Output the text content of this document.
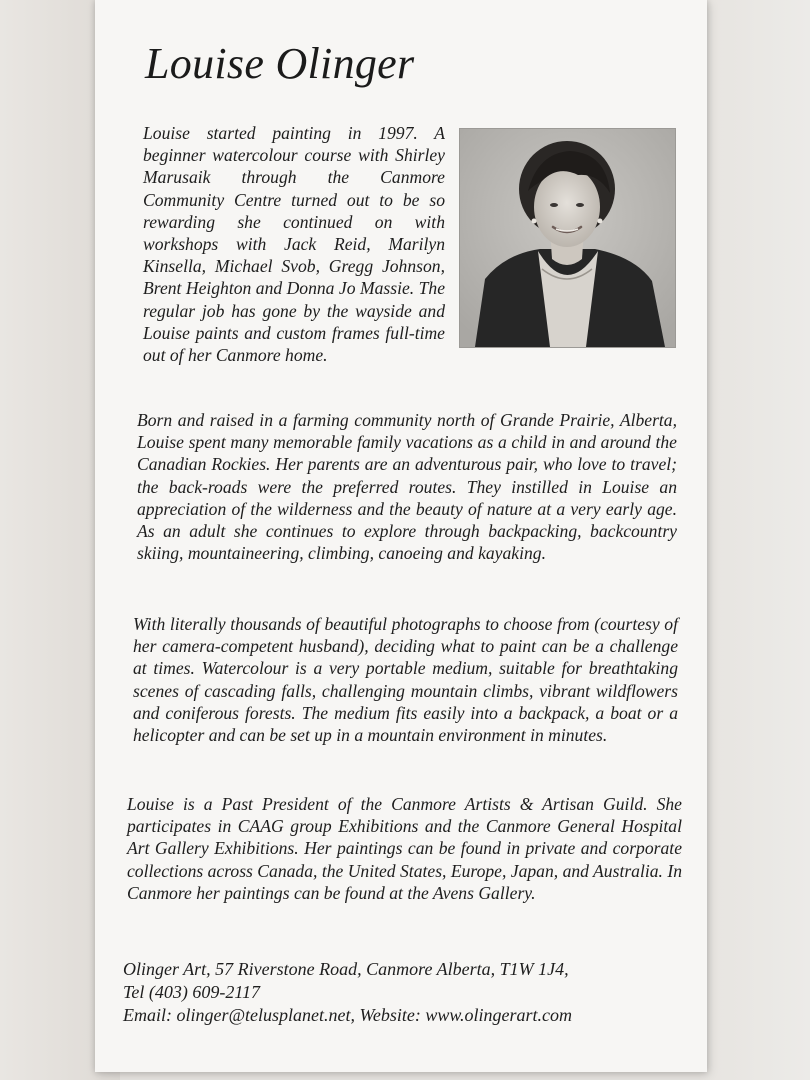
Louise Olinger

Louise started painting in 1997. A beginner watercolour course with Shirley Marusaik through the Canmore Community Centre turned out to be so rewarding she continued on with workshops with Jack Reid, Marilyn Kinsella, Michael Svob, Gregg Johnson, Brent Heighton and Donna Jo Massie. The regular job has gone by the wayside and Louise paints and custom frames full-time out of her Canmore home.

Born and raised in a farming community north of Grande Prairie, Alberta, Louise spent many memorable family vacations as a child in and around the Canadian Rockies. Her parents are an adventurous pair, who love to travel; the back-roads were the preferred routes. They instilled in Louise an appreciation of the wilderness and the beauty of nature at a very early age. As an adult she continues to explore through backpacking, backcountry skiing, mountaineering, climbing, canoeing and kayaking.

With literally thousands of beautiful photographs to choose from (courtesy of her camera-competent husband), deciding what to paint can be a challenge at times. Watercolour is a very portable medium, suitable for breathtaking scenes of cascading falls, challenging mountain climbs, vibrant wildflowers and coniferous forests. The medium fits easily into a backpack, a boat or a helicopter and can be set up in a mountain environment in minutes.

Louise is a Past President of the Canmore Artists & Artisan Guild. She participates in CAAG group Exhibitions and the Canmore General Hospital Art Gallery Exhibitions. Her paintings can be found in private and corporate collections across Canada, the United States, Europe, Japan, and Australia. In Canmore her paintings can be found at the Avens Gallery.

Olinger Art, 57 Riverstone Road, Canmore Alberta, T1W 1J4,
Tel (403) 609-2117
Email: olinger@telusplanet.net, Website: www.olingerart.com
